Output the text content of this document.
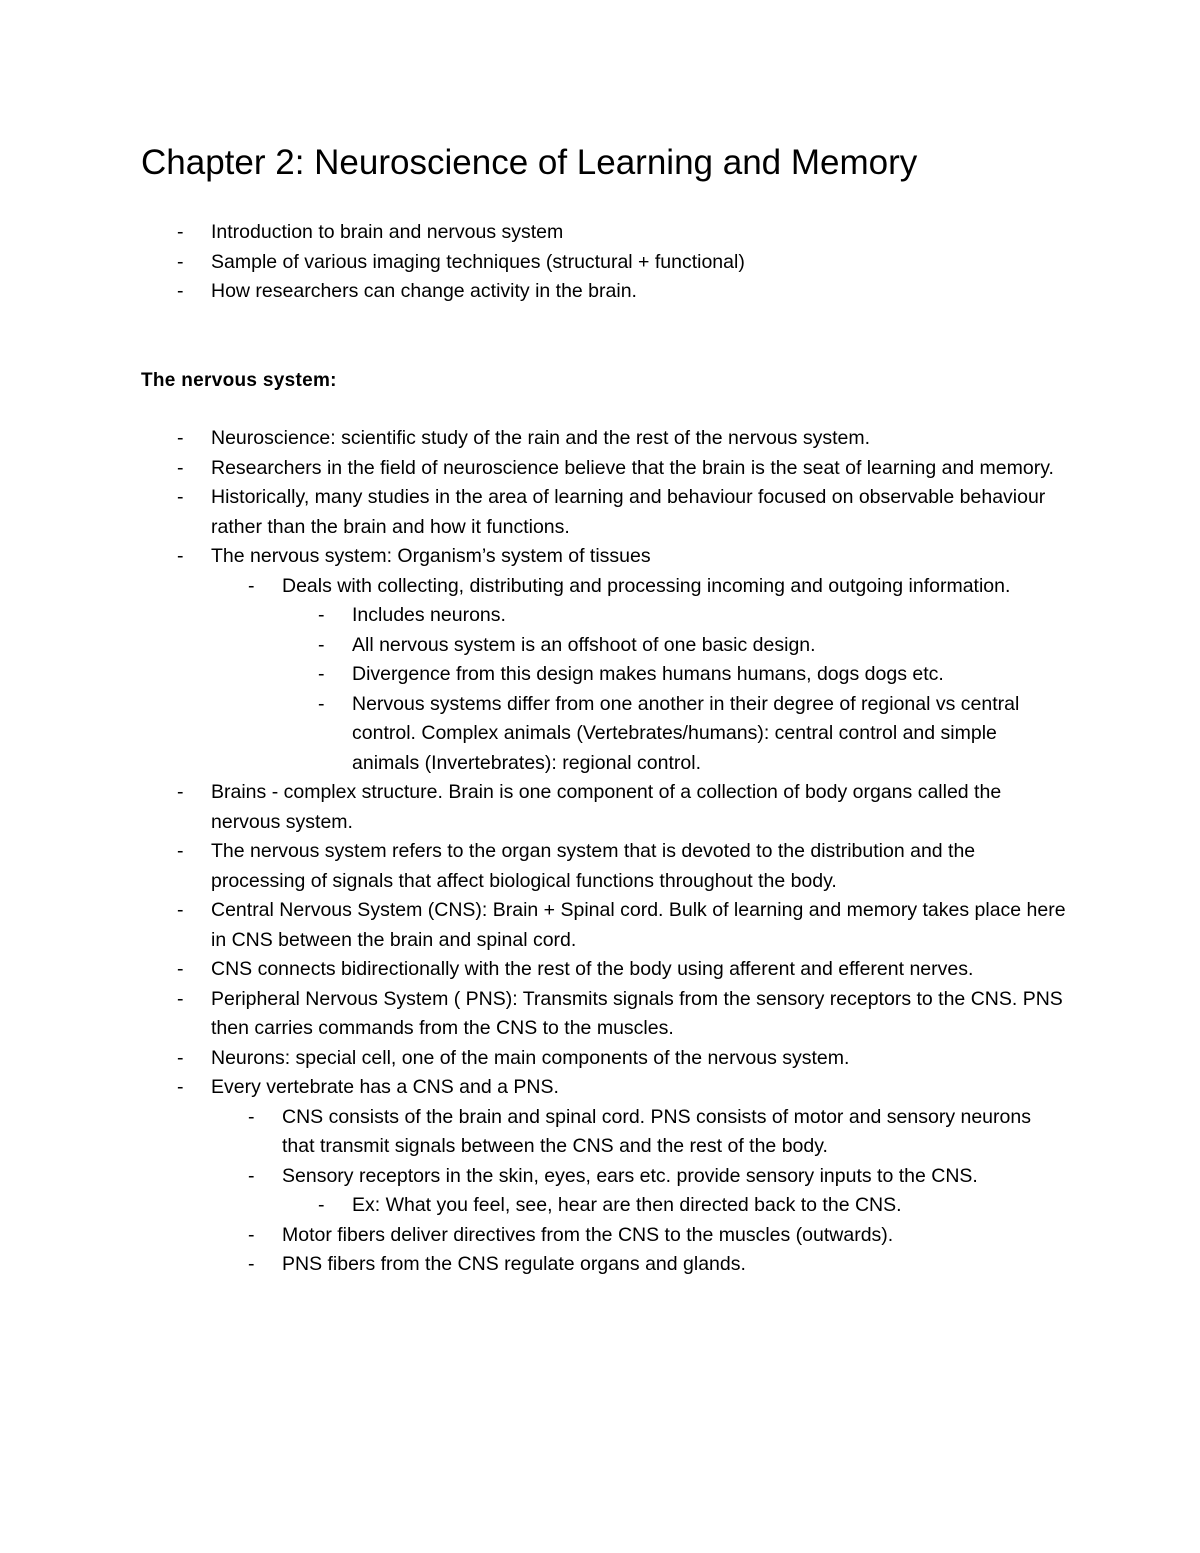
Chapter 2: Neuroscience of Learning and Memory
- Introduction to brain and nervous system
- Sample of various imaging techniques (structural + functional)
- How researchers can change activity in the brain.
The nervous system:
- Neuroscience: scientific study of the rain and the rest of the nervous system.
- Researchers in the field of neuroscience believe that the brain is the seat of learning and memory.
- Historically, many studies in the area of learning and behaviour focused on observable behaviour rather than the brain and how it functions.
- The nervous system: Organism’s system of tissues
- Deals with collecting, distributing and processing incoming and outgoing information.
- Includes neurons.
- All nervous system is an offshoot of one basic design.
- Divergence from this design makes humans humans, dogs dogs etc.
- Nervous systems differ from one another in their degree of regional vs central control. Complex animals (Vertebrates/humans): central control and simple animals (Invertebrates): regional control.
- Brains - complex structure. Brain is one component of a collection of body organs called the nervous system.
- The nervous system refers to the organ system that is devoted to the distribution and the processing of signals that affect biological functions throughout the body.
- Central Nervous System (CNS): Brain + Spinal cord. Bulk of learning and memory takes place here in CNS between the brain and spinal cord.
- CNS connects bidirectionally with the rest of the body using afferent and efferent nerves.
- Peripheral Nervous System ( PNS): Transmits signals from the sensory receptors to the CNS. PNS then carries commands from the CNS to the muscles.
- Neurons: special cell, one of the main components of the nervous system.
- Every vertebrate has a CNS and a PNS.
- CNS consists of the brain and spinal cord. PNS consists of motor and sensory neurons that transmit signals between the CNS and the rest of the body.
- Sensory receptors in the skin, eyes, ears etc. provide sensory inputs to the CNS.
- Ex: What you feel, see, hear are then directed back to the CNS.
- Motor fibers deliver directives from the CNS to the muscles (outwards).
- PNS fibers from the CNS regulate organs and glands.
